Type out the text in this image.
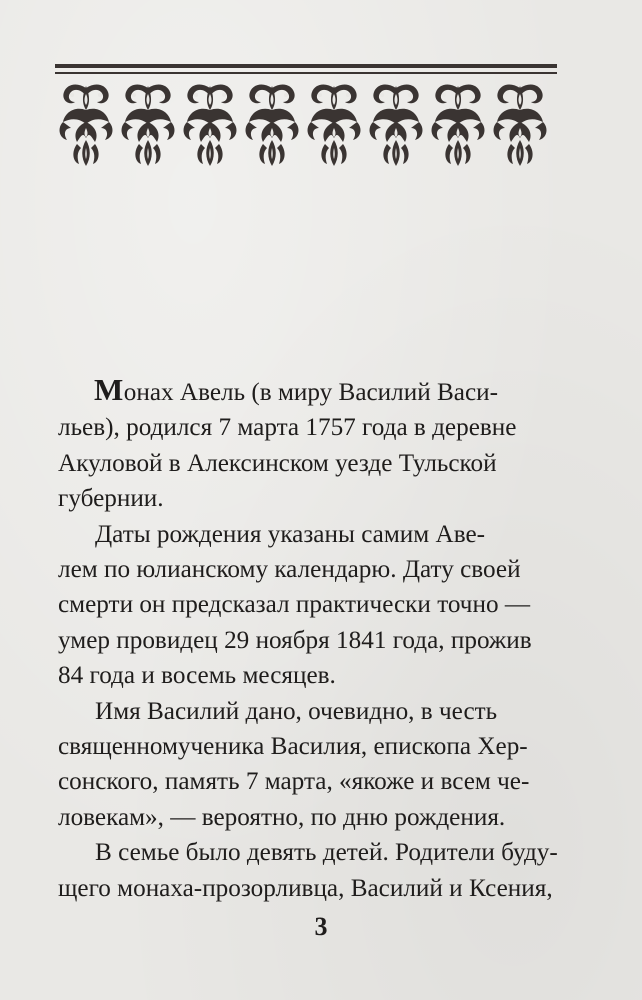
Монах Авель (в миру Василий Васи-
льев), родился 7 марта 1757 года в деревне
Акуловой в Алексинском уезде Тульской
губернии.

Даты рождения указаны самим Аве-
лем по юлианскому календарю. Дату своей
смерти он предсказал практически точно —
умер провидец 29 ноября 1841 года, прожив
84 года и восемь месяцев.

Имя Василий дано, очевидно, в честь
священномученика Василия, епископа Хер-
сонского, память 7 марта, «якоже и всем че-
ловекам», — вероятно, по дню рождения.

В семье было девять детей. Родители буду-
щего монаха-прозорливца, Василий и Ксения,

3
